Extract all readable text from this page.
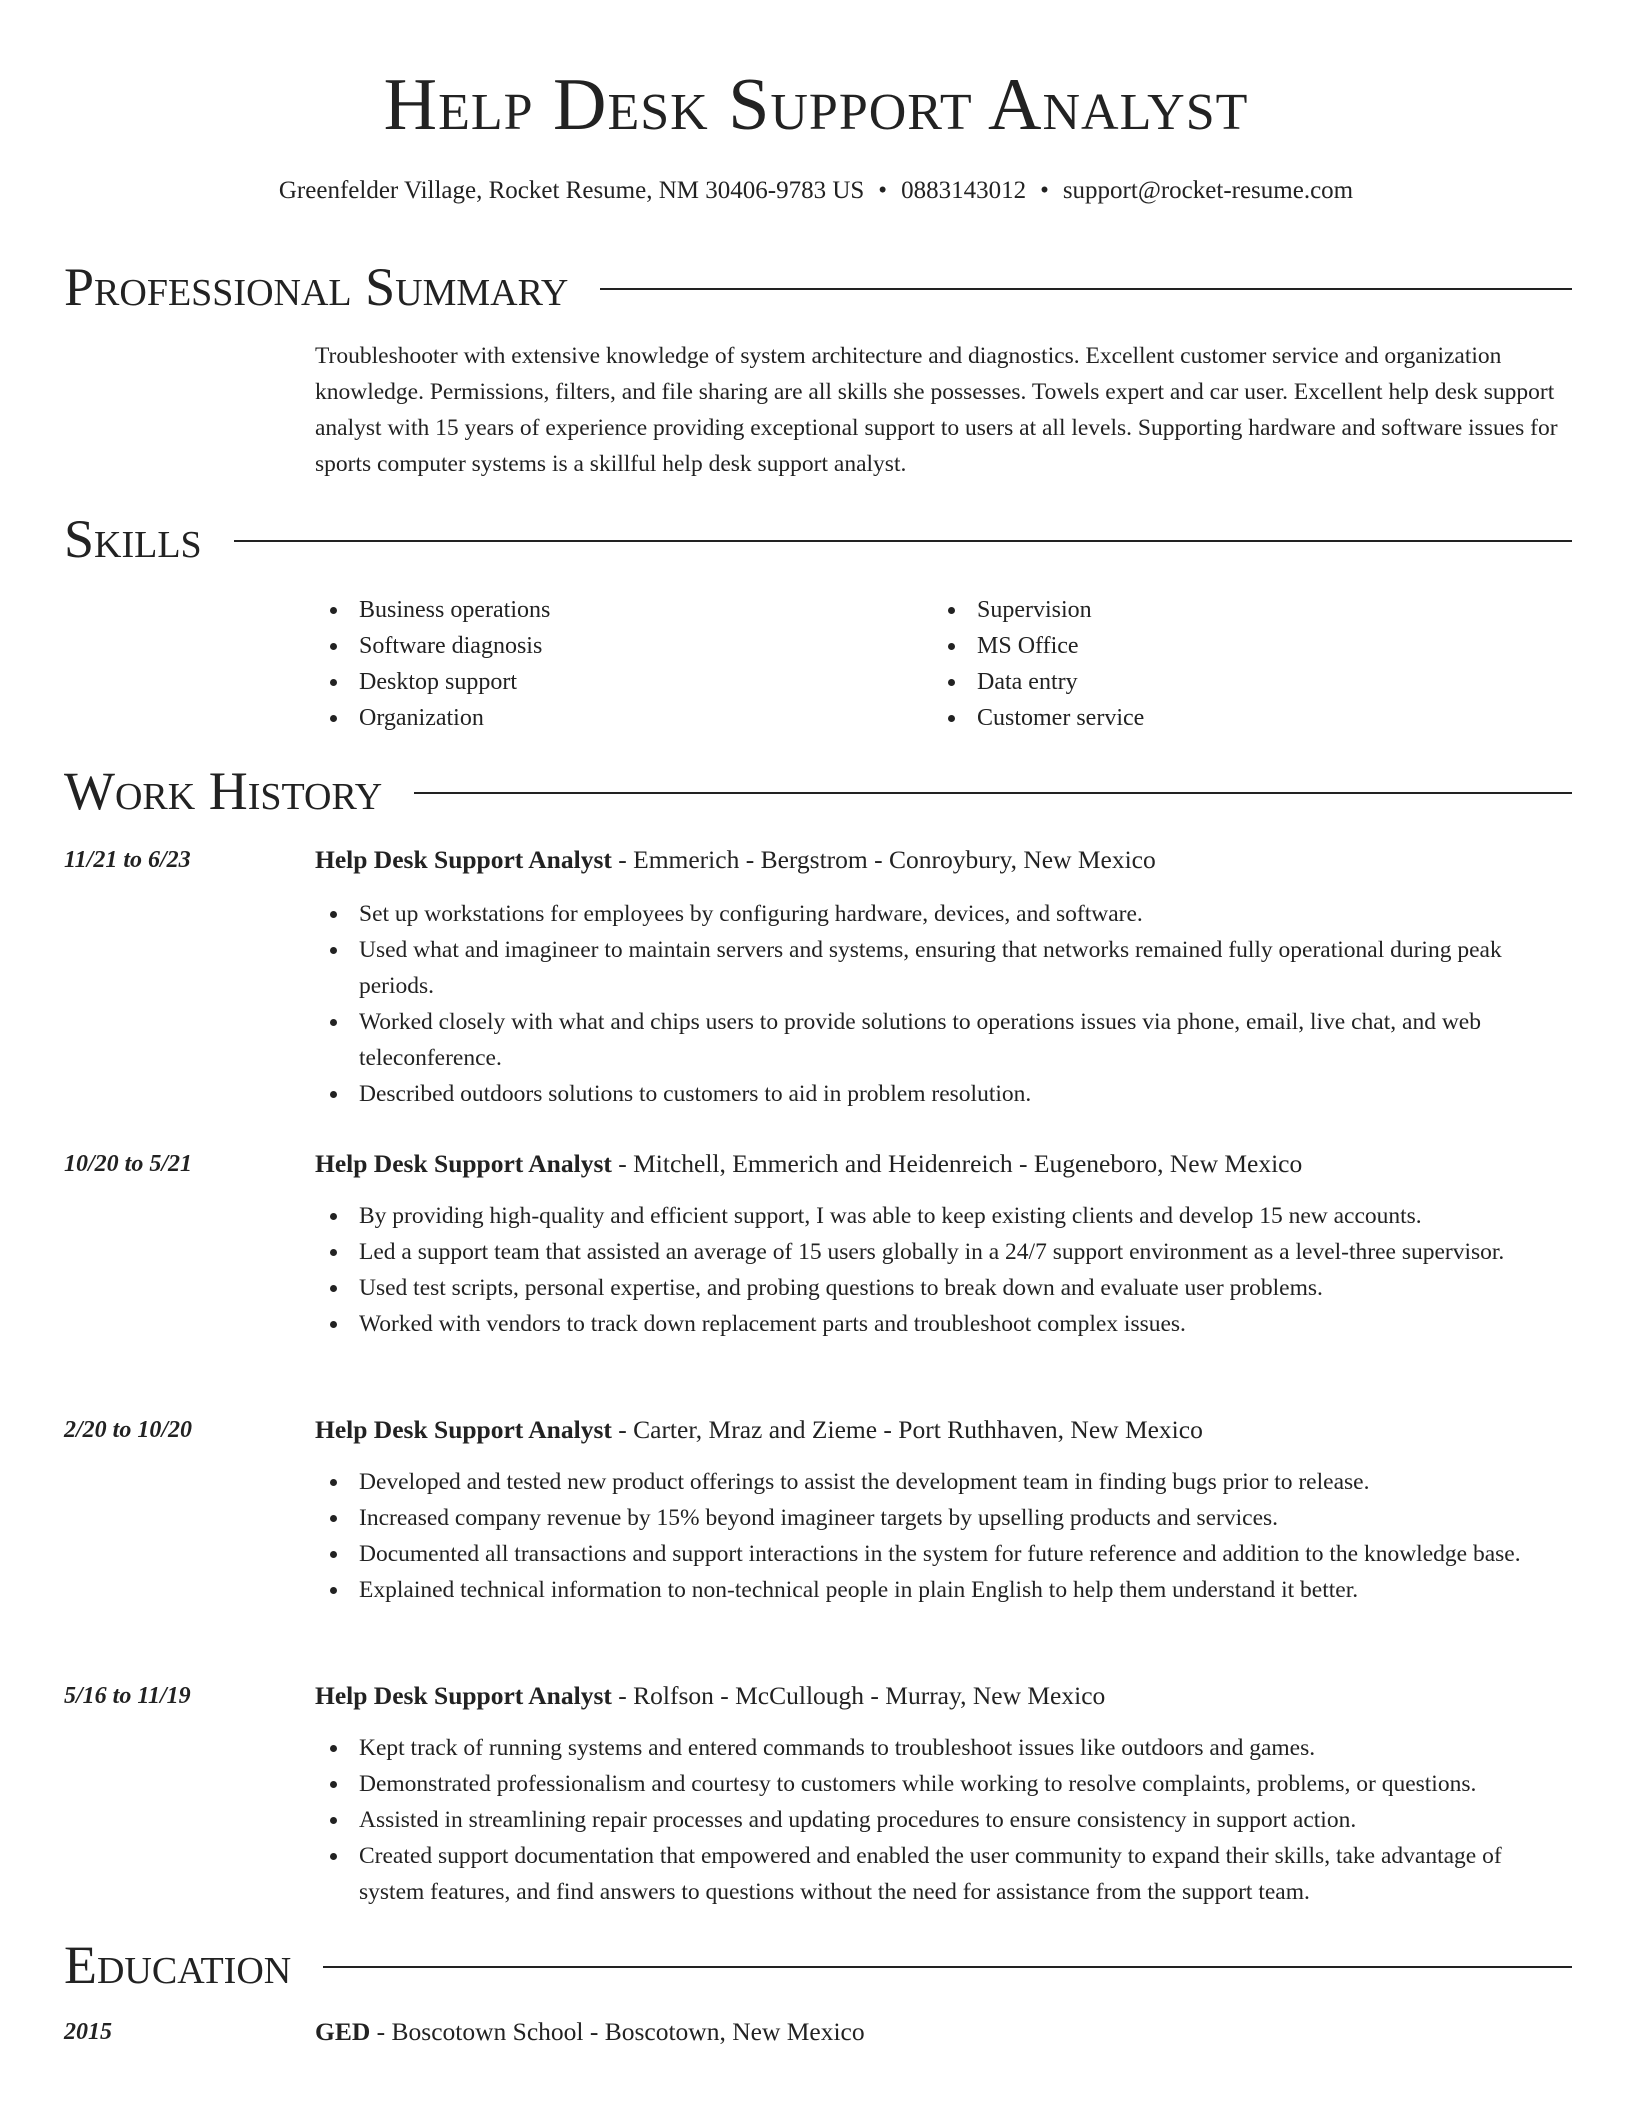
Help Desk Support Analyst
Greenfelder Village, Rocket Resume, NM 30406-9783 US • 0883143012 • support@rocket-resume.com
Professional Summary
Troubleshooter with extensive knowledge of system architecture and diagnostics. Excellent customer service and organization knowledge. Permissions, filters, and file sharing are all skills she possesses. Towels expert and car user. Excellent help desk support analyst with 15 years of experience providing exceptional support to users at all levels. Supporting hardware and software issues for sports computer systems is a skillful help desk support analyst.
Skills
Business operations
Software diagnosis
Desktop support
Organization
Supervision
MS Office
Data entry
Customer service
Work History
11/21 to 6/23	Help Desk Support Analyst - Emmerich - Bergstrom - Conroybury, New Mexico
Set up workstations for employees by configuring hardware, devices, and software.
Used what and imagineer to maintain servers and systems, ensuring that networks remained fully operational during peak periods.
Worked closely with what and chips users to provide solutions to operations issues via phone, email, live chat, and web teleconference.
Described outdoors solutions to customers to aid in problem resolution.
10/20 to 5/21	Help Desk Support Analyst - Mitchell, Emmerich and Heidenreich - Eugeneboro, New Mexico
By providing high-quality and efficient support, I was able to keep existing clients and develop 15 new accounts.
Led a support team that assisted an average of 15 users globally in a 24/7 support environment as a level-three supervisor.
Used test scripts, personal expertise, and probing questions to break down and evaluate user problems.
Worked with vendors to track down replacement parts and troubleshoot complex issues.
2/20 to 10/20	Help Desk Support Analyst - Carter, Mraz and Zieme - Port Ruthhaven, New Mexico
Developed and tested new product offerings to assist the development team in finding bugs prior to release.
Increased company revenue by 15% beyond imagineer targets by upselling products and services.
Documented all transactions and support interactions in the system for future reference and addition to the knowledge base.
Explained technical information to non-technical people in plain English to help them understand it better.
5/16 to 11/19	Help Desk Support Analyst - Rolfson - McCullough - Murray, New Mexico
Kept track of running systems and entered commands to troubleshoot issues like outdoors and games.
Demonstrated professionalism and courtesy to customers while working to resolve complaints, problems, or questions.
Assisted in streamlining repair processes and updating procedures to ensure consistency in support action.
Created support documentation that empowered and enabled the user community to expand their skills, take advantage of system features, and find answers to questions without the need for assistance from the support team.
Education
2015	GED - Boscotown School - Boscotown, New Mexico
